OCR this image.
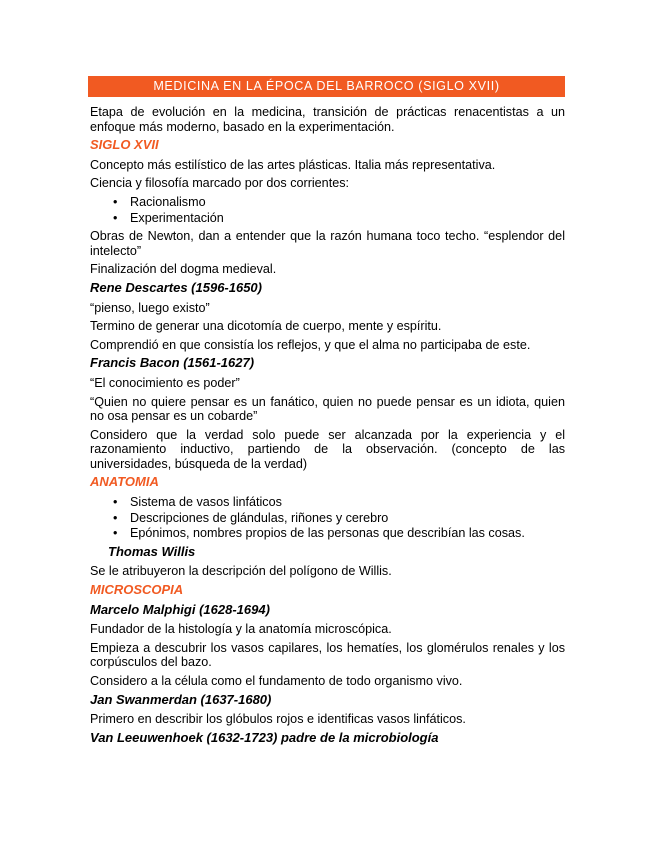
MEDICINA EN LA ÉPOCA DEL BARROCO (SIGLO XVII)

Etapa de evolución en la medicina, transición de prácticas renacentistas a un enfoque más moderno, basado en la experimentación.

SIGLO XVII

Concepto más estilístico de las artes plásticas. Italia más representativa.

Ciencia y filosofía marcado por dos corrientes:

• Racionalismo
• Experimentación

Obras de Newton, dan a entender que la razón humana toco techo. “esplendor del intelecto”

Finalización del dogma medieval.

Rene Descartes (1596-1650)

“pienso, luego existo”

Termino de generar una dicotomía de cuerpo, mente y espíritu.

Comprendió en que consistía los reflejos, y que el alma no participaba de este.

Francis Bacon (1561-1627)

“El conocimiento es poder”

“Quien no quiere pensar es un fanático, quien no puede pensar es un idiota, quien no osa pensar es un cobarde”

Considero que la verdad solo puede ser alcanzada por la experiencia y el razonamiento inductivo, partiendo de la observación. (concepto de las universidades, búsqueda de la verdad)

ANATOMIA
• Sistema de vasos linfáticos
• Descripciones de glándulas, riñones y cerebro
• Epónimos, nombres propios de las personas que describían las cosas.
Thomas Willis

Se le atribuyeron la descripción del polígono de Willis.

MICROSCOPIA
Marcelo Malphigi (1628-1694)

Fundador de la histología y la anatomía microscópica.

Empieza a descubrir los vasos capilares, los hematíes, los glomérulos renales y los corpúsculos del bazo.

Considero a la célula como el fundamento de todo organismo vivo.

Jan Swanmerdan (1637-1680)

Primero en describir los glóbulos rojos e identificas vasos linfáticos.

Van Leeuwenhoek (1632-1723) padre de la microbiología
